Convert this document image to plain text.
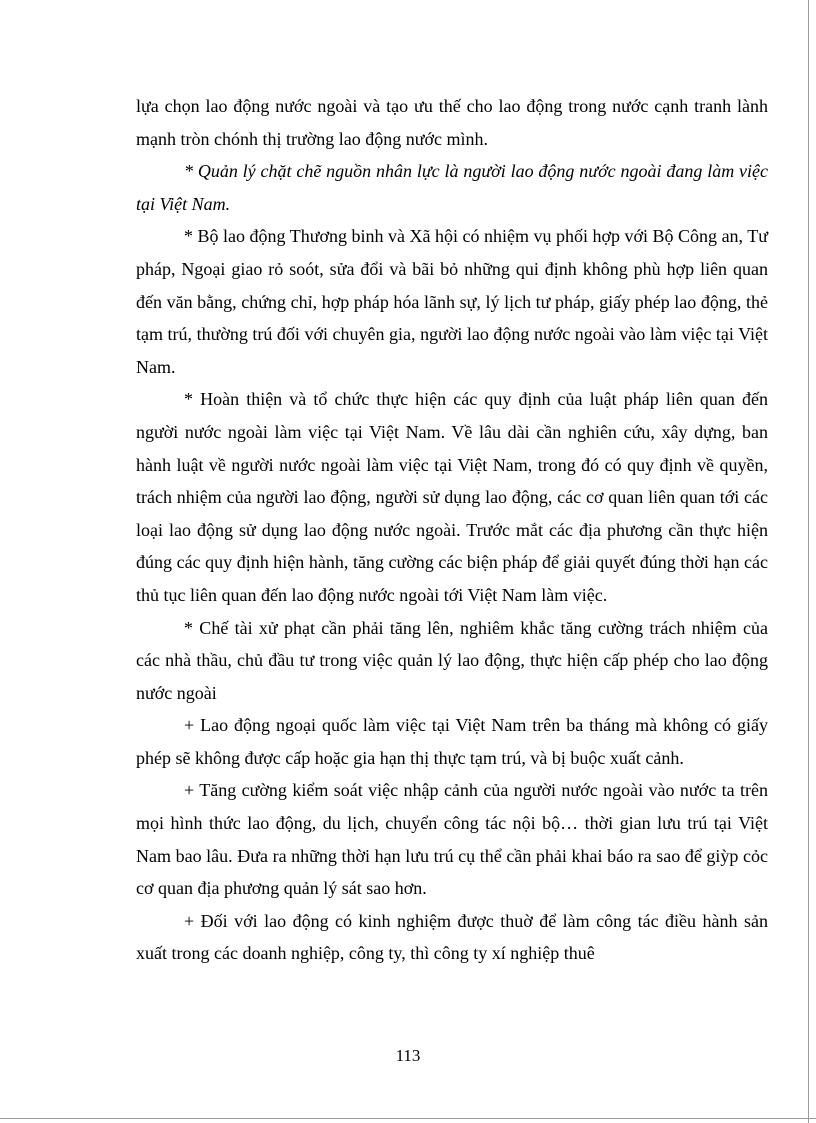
lựa chọn lao động nước ngoài và tạo ưu thế cho lao động trong nước cạnh tranh lành mạnh tròn chónh thị trường lao động nước mình.

* Quản lý chặt chẽ nguồn nhân lực là người lao động nước ngoài đang làm việc tại Việt Nam.

* Bộ lao động Thương binh và Xã hội có nhiệm vụ phối hợp với Bộ Công an, Tư pháp, Ngoại giao rỏ soót, sửa đổi và bãi bỏ những qui định không phù hợp liên quan đến văn bằng, chứng chỉ, hợp pháp hóa lãnh sự, lý lịch tư pháp, giấy phép lao động, thẻ tạm trú, thường trú đối với chuyên gia, người lao động nước ngoài vào làm việc tại Việt Nam.

* Hoàn thiện và tổ chức thực hiện các quy định của luật pháp liên quan đến người nước ngoài làm việc tại Việt Nam. Về lâu dài cần nghiên cứu, xây dựng, ban hành luật về người nước ngoài làm việc tại Việt Nam, trong đó có quy định về quyền, trách nhiệm của người lao động, người sử dụng lao động, các cơ quan liên quan tới các loại lao động sử dụng lao động nước ngoài. Trước mắt các địa phương cần thực hiện đúng các quy định hiện hành, tăng cường các biện pháp để giải quyết đúng thời hạn các thủ tục liên quan đến lao động nước ngoài tới Việt Nam làm việc.

* Chế tài xử phạt cần phải tăng lên, nghiêm khắc tăng cường trách nhiệm của các nhà thầu, chủ đầu tư trong việc quản lý lao động, thực hiện cấp phép cho lao động nước ngoài

+ Lao động ngoại quốc làm việc tại Việt Nam trên ba tháng mà không có giấy phép sẽ không được cấp hoặc gia hạn thị thực tạm trú, và bị buộc xuất cảnh.

+ Tăng cường kiểm soát việc nhập cảnh của người nước ngoài vào nước ta trên mọi hình thức lao động, du lịch, chuyển công tác nội bộ… thời gian lưu trú tại Việt Nam bao lâu. Đưa ra những thời hạn lưu trú cụ thể cần phải khai báo ra sao để giỳp cỏc cơ quan địa phương quản lý sát sao hơn.

+ Đối với lao động có kinh nghiệm được thuờ để làm công tác điều hành sản xuất trong các doanh nghiệp, công ty, thì công ty xí nghiệp thuê

113
